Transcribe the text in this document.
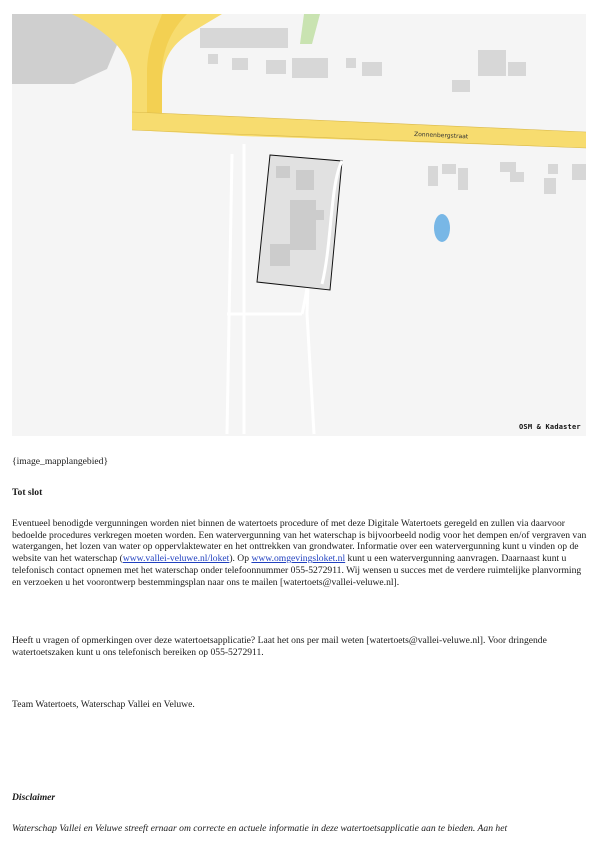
Zonnenbergstraat
OSM & Kadaster

{image_mapplangebied}

Tot slot

Eventueel benodigde vergunningen worden niet binnen de watertoets procedure of met deze Digitale Watertoets geregeld en zullen via daarvoor bedoelde procedures verkregen moeten worden. Een watervergunning van het waterschap is bijvoorbeeld nodig voor het dempen en/of vergraven van watergangen, het lozen van water op oppervlaktewater en het onttrekken van grondwater. Informatie over een watervergunning kunt u vinden op de website van het waterschap (www.vallei-veluwe.nl/loket). Op www.omgevingsloket.nl kunt u een watervergunning aanvragen. Daarnaast kunt u telefonisch contact opnemen met het waterschap onder telefoonnummer 055-5272911. Wij wensen u succes met de verdere ruimtelijke planvorming en verzoeken u het voorontwerp bestemmingsplan naar ons te mailen [watertoets@vallei-veluwe.nl].

Heeft u vragen of opmerkingen over deze watertoetsapplicatie? Laat het ons per mail weten [watertoets@vallei-veluwe.nl]. Voor dringende watertoetszaken kunt u ons telefonisch bereiken op 055-5272911.

Team Watertoets, Waterschap Vallei en Veluwe.

Disclaimer

Waterschap Vallei en Veluwe streeft ernaar om correcte en actuele informatie in deze watertoetsapplicatie aan te bieden. Aan het
